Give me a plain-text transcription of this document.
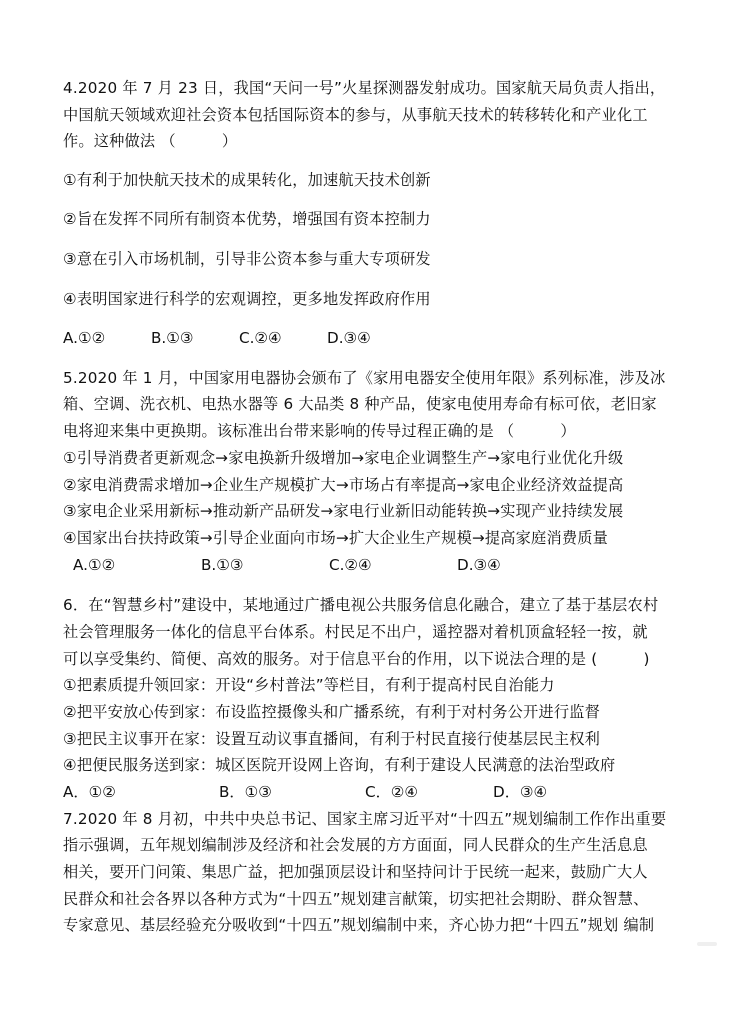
4.2020 年 7 月 23 日，我国“天问一号”火星探测器发射成功。国家航天局负责人指出，
中国航天领域欢迎社会资本包括国际资本的参与，从事航天技术的转移转化和产业化工
作。这种做法 （　　　）
①有利于加快航天技术的成果转化，加速航天技术创新
②旨在发挥不同所有制资本优势，增强国有资本控制力
③意在引入市场机制，引导非公资本参与重大专项研发
④表明国家进行科学的宏观调控，更多地发挥政府作用
A.①②	B.①③	C.②④	D.③④
5.2020 年 1 月，中国家用电器协会颁布了《家用电器安全使用年限》系列标准，涉及冰
箱、空调、洗衣机、电热水器等 6 大品类 8 种产品，使家电使用寿命有标可依，老旧家
电将迎来集中更换期。该标准出台带来影响的传导过程正确的是 （　　　）
①引导消费者更新观念→家电换新升级增加→家电企业调整生产→家电行业优化升级
②家电消费需求增加→企业生产规模扩大→市场占有率提高→家电企业经济效益提高
③家电企业采用新标→推动新产品研发→家电行业新旧动能转换→实现产业持续发展
④国家出台扶持政策→引导企业面向市场→扩大企业生产规模→提高家庭消费质量
A.①②	B.①③	C.②④	D.③④
6．在“智慧乡村”建设中，某地通过广播电视公共服务信息化融合，建立了基于基层农村
社会管理服务一体化的信息平台体系。村民足不出户，遥控器对着机顶盒轻轻一按，就
可以享受集约、简便、高效的服务。对于信息平台的作用，以下说法合理的是 (　　　)
①把素质提升领回家：开设“乡村普法”等栏目，有利于提高村民自治能力
②把平安放心传到家：布设监控摄像头和广播系统，有利于对村务公开进行监督
③把民主议事开在家：设置互动议事直播间，有利于村民直接行使基层民主权利
④把便民服务送到家：城区医院开设网上咨询，有利于建设人民满意的法治型政府
A．①②	B．①③	C．②④	D．③④
7.2020 年 8 月初，中共中央总书记、国家主席习近平对“十四五”规划编制工作作出重要
指示强调，五年规划编制涉及经济和社会发展的方方面面，同人民群众的生产生活息息
相关，要开门问策、集思广益，把加强顶层设计和坚持问计于民统一起来，鼓励广大人
民群众和社会各界以各种方式为“十四五”规划建言献策，切实把社会期盼、群众智慧、
专家意见、基层经验充分吸收到“十四五”规划编制中来，齐心协力把“十四五”规划 编制
